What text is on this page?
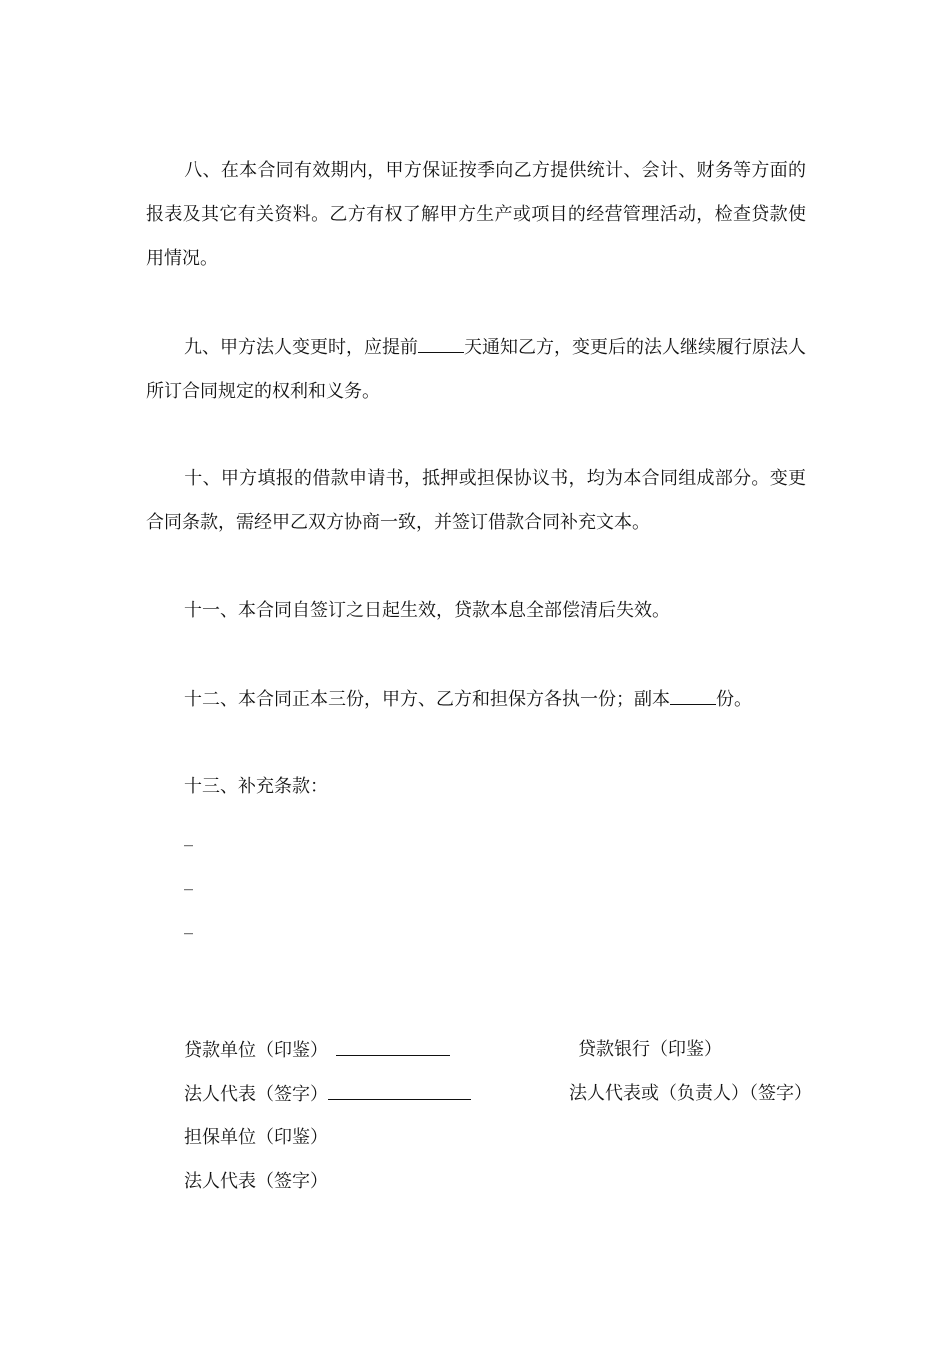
八、在本合同有效期内，甲方保证按季向乙方提供统计、会计、财务等方面的报表及其它有关资料。乙方有权了解甲方生产或项目的经营管理活动，检查贷款使用情况。

九、甲方法人变更时，应提前	天通知乙方，变更后的法人继续履行原法人所订合同规定的权利和义务。

十、甲方填报的借款申请书，抵押或担保协议书，均为本合同组成部分。变更合同条款，需经甲乙双方协商一致，并签订借款合同补充文本。

十一、本合同自签订之日起生效，贷款本息全部偿清后失效。

十二、本合同正本三份，甲方、乙方和担保方各执一份；副本	份。

十三、补充条款：

_

_

_

贷款单位（印鉴）	贷款银行（印鉴）

法人代表（签字）	法人代表或（负责人）（签字）

担保单位（印鉴）

法人代表（签字）
